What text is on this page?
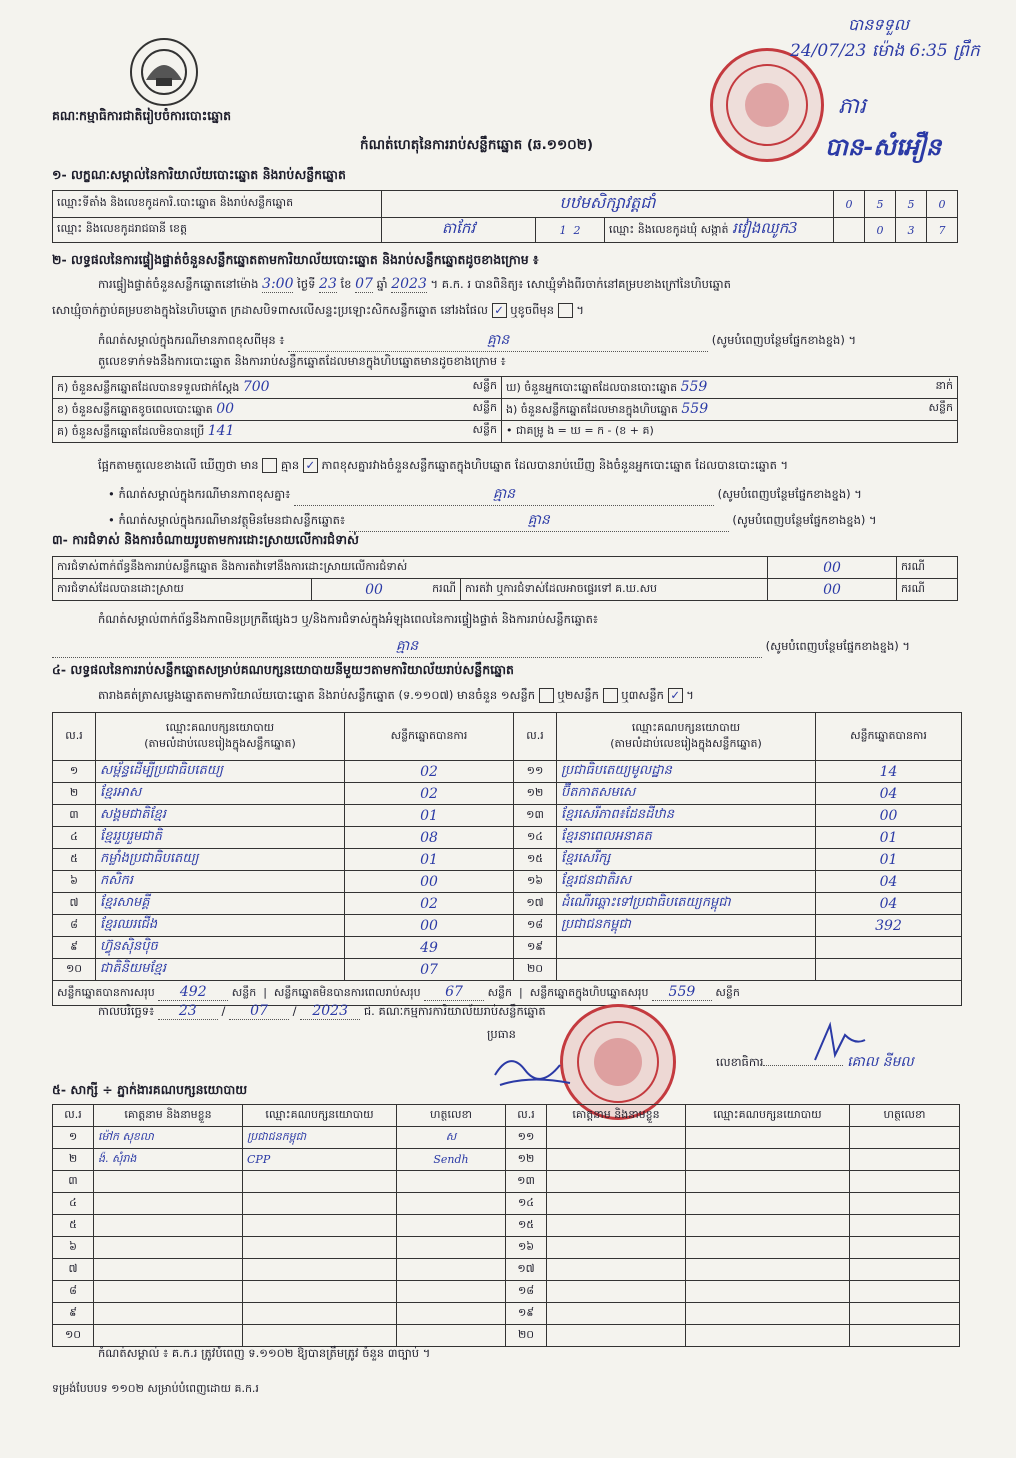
គណៈកម្មាធិការជាតិរៀបចំការបោះឆ្នោត
កំណត់ហេតុនៃការរាប់សន្លឹកឆ្នោត (ឆ.១១០២)
បានទទួល
24/07/23 ម៉ោង 6:35 ព្រឹក
ភារ
បាន-សំអឿន
១- លក្ខណៈសម្គាល់នៃការិយាល័យបោះឆ្នោត និងរាប់សន្លឹកឆ្នោត
ឈ្មោះទីតាំង និងលេខកូដការិ.បោះឆ្នោត និងរាប់សន្លឹកឆ្នោត	បឋមសិក្សាវត្តជាំ			0	5	5	0
ឈ្មោះ និងលេខកូដរាជធានី ខេត្ត	តាកែវ	1 2	ឈ្មោះ និងលេខកូដឃុំ សង្កាត់ រវៀងឈូក3		0	3	7
២- លទ្ធផលនៃការផ្ទៀងផ្ទាត់ចំនួនសន្លឹកឆ្នោតតាមការិយាល័យបោះឆ្នោត និងរាប់សន្លឹកឆ្នោតដូចខាងក្រោម ៖
ការផ្ទៀងផ្ទាត់ចំនួនសន្លឹកឆ្នោតនៅម៉ោង 3:00 ថ្ងៃទី 23 ខែ 07 ឆ្នាំ 2023 ។ គ.ក. រ បានពិនិត្យ៖ សោឃ្មុំទាំងពីរចាក់នៅគម្របខាងក្រៅនៃហិបឆ្នោត
សោឃ្មុំចាក់ភ្ជាប់គម្របខាងក្នុងនៃហិបឆ្នោត ក្រដាសបិទពាសលើសន្ទះប្រឡោះសិកសន្លឹកឆ្នោត នៅរងផែល ✓ ឬខូចពីមុន  ។
កំណត់សម្គាល់ក្នុងករណីមានភាពខុសពីមុន ៖	គ្មាន	(សូមបំពេញបន្ថែមផ្នែកខាងខ្នង) ។
តួលេខទាក់ទងនឹងការបោះឆ្នោត និងការរាប់សន្លឹកឆ្នោតដែលមានក្នុងហិបឆ្នោតមានដូចខាងក្រោម ៖
ក) ចំនួនសន្លឹកឆ្នោតដែលបានទទួលជាក់ស្តែង 700 សន្លឹក	ឃ) ចំនួនអ្នកបោះឆ្នោតដែលបានបោះឆ្នោត 559 នាក់

ខ) ចំនួនសន្លឹកឆ្នោតខូចពេលបោះឆ្នោត 00 សន្លឹក	ង) ចំនួនសន្លឹកឆ្នោតដែលមានក្នុងហិបឆ្នោត 559 សន្លឹក

គ) ចំនួនសន្លឹកឆ្នោតដែលមិនបានប្រើ 141 សន្លឹក	• ជាគម្រូ ង = ឃ = ក - (ខ + គ)
ផ្អែកតាមតួលេខខាងលើ ឃើញថា មាន គ្មាន ✓ ភាពខុសគ្នារវាងចំនួនសន្លឹកឆ្នោតក្នុងហិបឆ្នោត ដែលបានរាប់ឃើញ និងចំនួនអ្នកបោះឆ្នោត ដែលបានបោះឆ្នោត ។
• កំណត់សម្គាល់ក្នុងករណីមានភាពខុសគ្នា៖	គ្មាន	(សូមបំពេញបន្ថែមផ្នែកខាងខ្នង) ។
• កំណត់សម្គាល់ក្នុងករណីមានវត្ថុមិនមែនជាសន្លឹកឆ្នោត៖	គ្មាន	(សូមបំពេញបន្ថែមផ្នែកខាងខ្នង) ។
៣- ការជំទាស់ និងការចំណាយរូបតាមការដោះស្រាយលើការជំទាស់
ការជំទាស់ពាក់ព័ន្ធនឹងការរាប់សន្លឹកឆ្នោត និងការតវ៉ាទៅនឹងការដោះស្រាយលើការជំទាស់			00	ករណី
ការជំទាស់ដែលបានដោះស្រាយ	00 ករណី	ការតវ៉ា ឬការជំទាស់ដែលអាចផ្ទេរទៅ គ.ឃ.សប	00	ករណី
កំណត់សម្គាល់ពាក់ព័ន្ធនឹងភាពមិនប្រក្រតីផ្សេងៗ ឬ/និងការជំទាស់ក្នុងអំឡុងពេលនៃការផ្ទៀងផ្ទាត់ និងការរាប់សន្លឹកឆ្នោត៖
គ្មាន	(សូមបំពេញបន្ថែមផ្នែកខាងខ្នង) ។
៤- លទ្ធផលនៃការរាប់សន្លឹកឆ្នោតសម្រាប់គណបក្សនយោបាយនីមួយៗតាមការិយាល័យរាប់សន្លឹកឆ្នោត
តារាងគត់ត្រាសម្លេងឆ្នោតតាមការិយាល័យបោះឆ្នោត និងរាប់សន្លឹកឆ្នោត (ទ.១១០៧) មានចំនួន ១សន្លឹក ឬ២សន្លឹក ឬ៣សន្លឹក ✓ ។
ល.រ	ឈ្មោះគណបក្សនយោបាយ
(តាមលំដាប់លេខរៀងក្នុងសន្លឹកឆ្នោត)	សន្លឹកឆ្នោតបានការ	ល.រ	ឈ្មោះគណបក្សនយោបាយ
(តាមលំដាប់លេខរៀងក្នុងសន្លឹកឆ្នោត)	សន្លឹកឆ្នោតបានការ
១	សម្ព័ន្ធដើម្បីប្រជាធិបតេយ្យ	02	១១	ប្រជាធិបតេយ្យមូលដ្ឋាន	14
២	ខ្មែរអាស	02	១២	ប៊ីតកាតសមសេ	04
៣	សង្គមជាតិខ្មែរ	01	១៣	ខ្មែរសេរីភាព៖ដែនដីឋាន	00
៤	ខ្មែររួបរួមជាតិ	08	១៤	ខ្មែរនាពេលអនាគត	01
៥	កម្លាំងប្រជាធិបតេយ្យ	01	១៥	ខ្មែរសេរីក្ស	01
៦	កសិករ	00	១៦	ខ្មែរជនជាតិរស	04
៧	ខ្មែរសាមគ្គី	02	១៧	ដំណើរឆ្ពោះទៅប្រជាធិបតេយ្យកម្ពុជា	04
៨	ខ្មែរឈរជើង	00	១៨	ប្រជាជនកម្ពុជា	392
៩	ហ៊្វុនស៊ិនប៉ិច	49	១៩		
១០	ជាតិនិយមខ្មែរ	07	២០		
សន្លឹកឆ្នោតបានការសរុប 492 សន្លឹក  |  សន្លឹកឆ្នោតមិនបានការពេលរាប់សរុប 67 សន្លឹក  |  សន្លឹកឆ្នោតក្នុងហិបឆ្នោតសរុប 559 សន្លឹក					
កាលបរិច្ឆេទ៖ 23 / 07 / 2023 ជ. គណៈកម្មការការិយាល័យរាប់សន្លឹកឆ្នោត
ប្រធាន
លេខាធិការ	គោល នីមល
៥- សាក្សី ÷ ភ្នាក់ងារគណបក្សនយោបាយ
ល.រ	គោត្តនាម និងនាមខ្លួន	ឈ្មោះគណបក្សនយោបាយ	ហត្ថលេខា	ល.រ	គោត្តនាម និងនាមខ្លួន	ឈ្មោះគណបក្សនយោបាយ	ហត្ថលេខា
១	ម៉ៅក សុខលា	ប្រជាជនកម្ពុជា	ស	១១			
២	ង៉. សុំរាង	CPP	Sendh	១២			
៣				១៣			
៤				១៤			
៥				១៥			
៦				១៦			
៧				១៧			
៨				១៨			
៩				១៩			
១០				២០			
កំណត់សម្គាល់ ៖ គ.ក.រ ត្រូវបំពេញ ទ.១១០២ ឱ្យបានត្រឹមត្រូវ ចំនួន ៣ច្បាប់ ។
ទម្រង់បែបបទ ១១០២ សម្រាប់បំពេញដោយ គ.ក.រ
